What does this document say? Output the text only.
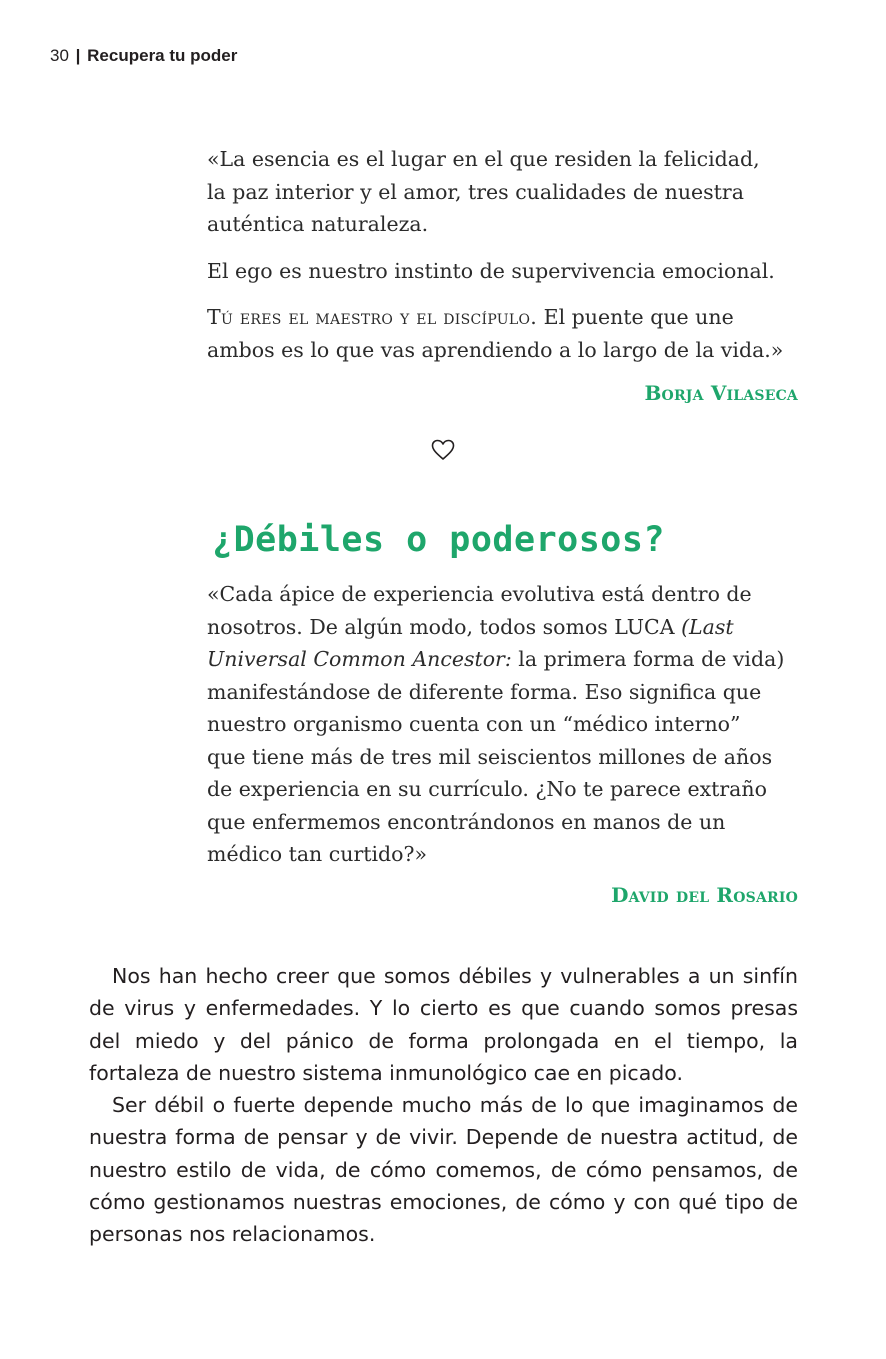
30 | Recupera tu poder

«La esencia es el lugar en el que residen la felicidad,
la paz interior y el amor, tres cualidades de nuestra
auténtica naturaleza.

El ego es nuestro instinto de supervivencia emocional.

Tú eres el maestro y el discípulo. El puente que une
ambos es lo que vas aprendiendo a lo largo de la vida.»

Borja Vilaseca
¿Débiles o poderosos?

«Cada ápice de experiencia evolutiva está dentro de
nosotros. De algún modo, todos somos LUCA (Last
Universal Common Ancestor: la primera forma de vida)
manifestándose de diferente forma. Eso significa que
nuestro organismo cuenta con un “médico interno”
que tiene más de tres mil seiscientos millones de años
de experiencia en su currículo. ¿No te parece extraño
que enfermemos encontrándonos en manos de un
médico tan curtido?»

David del Rosario

Nos han hecho creer que somos débiles y vulnerables a un sinfín de virus y enfermedades. Y lo cierto es que cuando somos presas del miedo y del pánico de forma prolongada en el tiempo, la fortaleza de nuestro sistema inmunológico cae en picado.

Ser débil o fuerte depende mucho más de lo que imaginamos de nuestra forma de pensar y de vivir. Depende de nuestra actitud, de nuestro estilo de vida, de cómo comemos, de cómo pensamos, de cómo gestionamos nuestras emociones, de cómo y con qué tipo de personas nos relacionamos.
